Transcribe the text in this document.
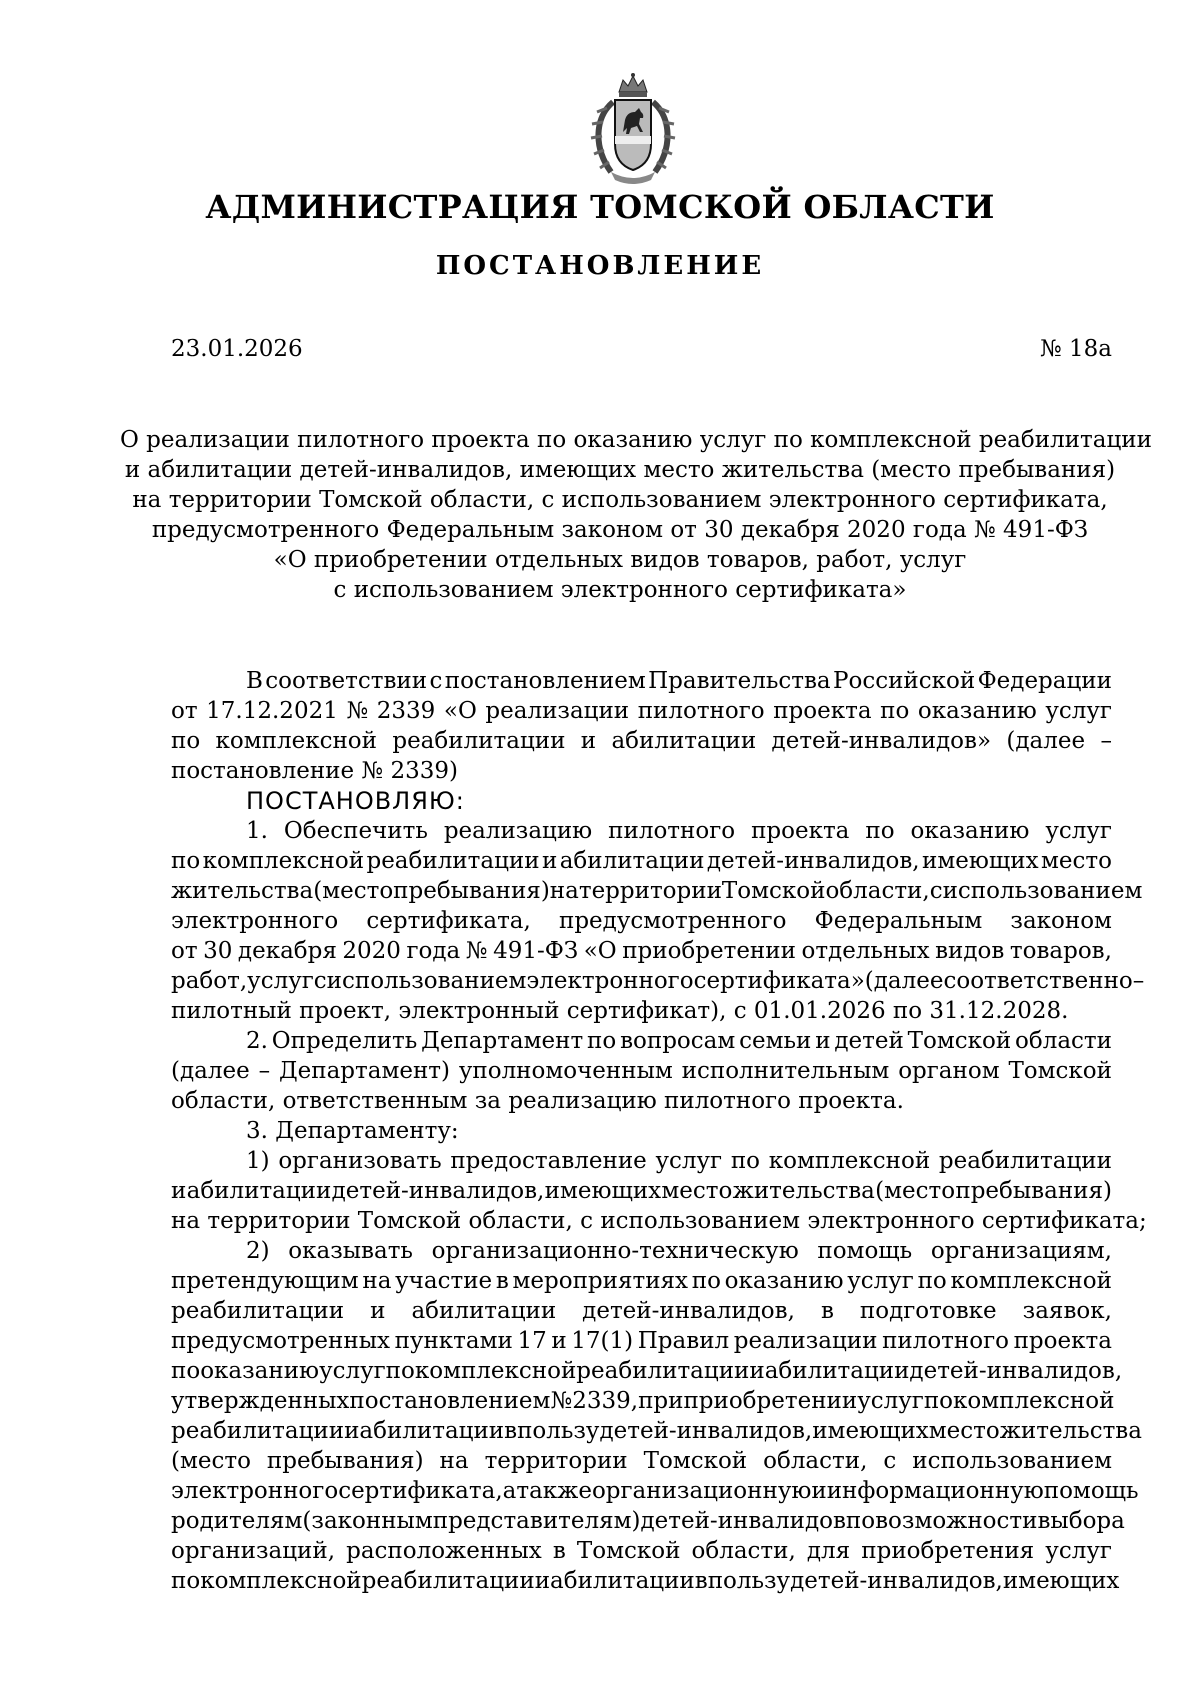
АДМИНИСТРАЦИЯ ТОМСКОЙ ОБЛАСТИ
ПОСТАНОВЛЕНИЕ
23.01.2026	№ 18а
О реализации пилотного проекта по оказанию услуг по комплексной реабилитации
и абилитации детей-инвалидов, имеющих место жительства (место пребывания)
на территории Томской области, с использованием электронного сертификата,
предусмотренного Федеральным законом от 30 декабря 2020 года № 491-ФЗ
«О приобретении отдельных видов товаров, работ, услуг
с использованием электронного сертификата»
В соответствии с постановлением Правительства Российской Федерации
от 17.12.2021 № 2339 «О реализации пилотного проекта по оказанию услуг
по комплексной реабилитации и абилитации детей-инвалидов» (далее –
постановление № 2339)
ПОСТАНОВЛЯЮ:
1. Обеспечить реализацию пилотного проекта по оказанию услуг
по комплексной реабилитации и абилитации детей-инвалидов, имеющих место
жительства (место пребывания) на территории Томской области, с использованием
электронного сертификата, предусмотренного Федеральным законом
от 30 декабря 2020 года № 491-ФЗ «О приобретении отдельных видов товаров,
работ, услуг с использованием электронного сертификата» (далее соответственно –
пилотный проект, электронный сертификат), с 01.01.2026 по 31.12.2028.
2. Определить Департамент по вопросам семьи и детей Томской области
(далее – Департамент) уполномоченным исполнительным органом Томской
области, ответственным за реализацию пилотного проекта.
3. Департаменту:
1) организовать предоставление услуг по комплексной реабилитации
и абилитации детей-инвалидов, имеющих место жительства (место пребывания)
на территории Томской области, с использованием электронного сертификата;
2) оказывать организационно-техническую помощь организациям,
претендующим на участие в мероприятиях по оказанию услуг по комплексной
реабилитации и абилитации детей-инвалидов, в подготовке заявок,
предусмотренных пунктами 17 и 17(1) Правил реализации пилотного проекта
по оказанию услуг по комплексной реабилитации и абилитации детей-инвалидов,
утвержденных постановлением № 2339, при приобретении услуг по комплексной
реабилитации и абилитации в пользу детей-инвалидов, имеющих место жительства
(место пребывания) на территории Томской области, с использованием
электронного сертификата, а также организационную и информационную помощь
родителям (законным представителям) детей-инвалидов по возможности выбора
организаций, расположенных в Томской области, для приобретения услуг
по комплексной реабилитации и абилитации в пользу детей-инвалидов, имеющих
